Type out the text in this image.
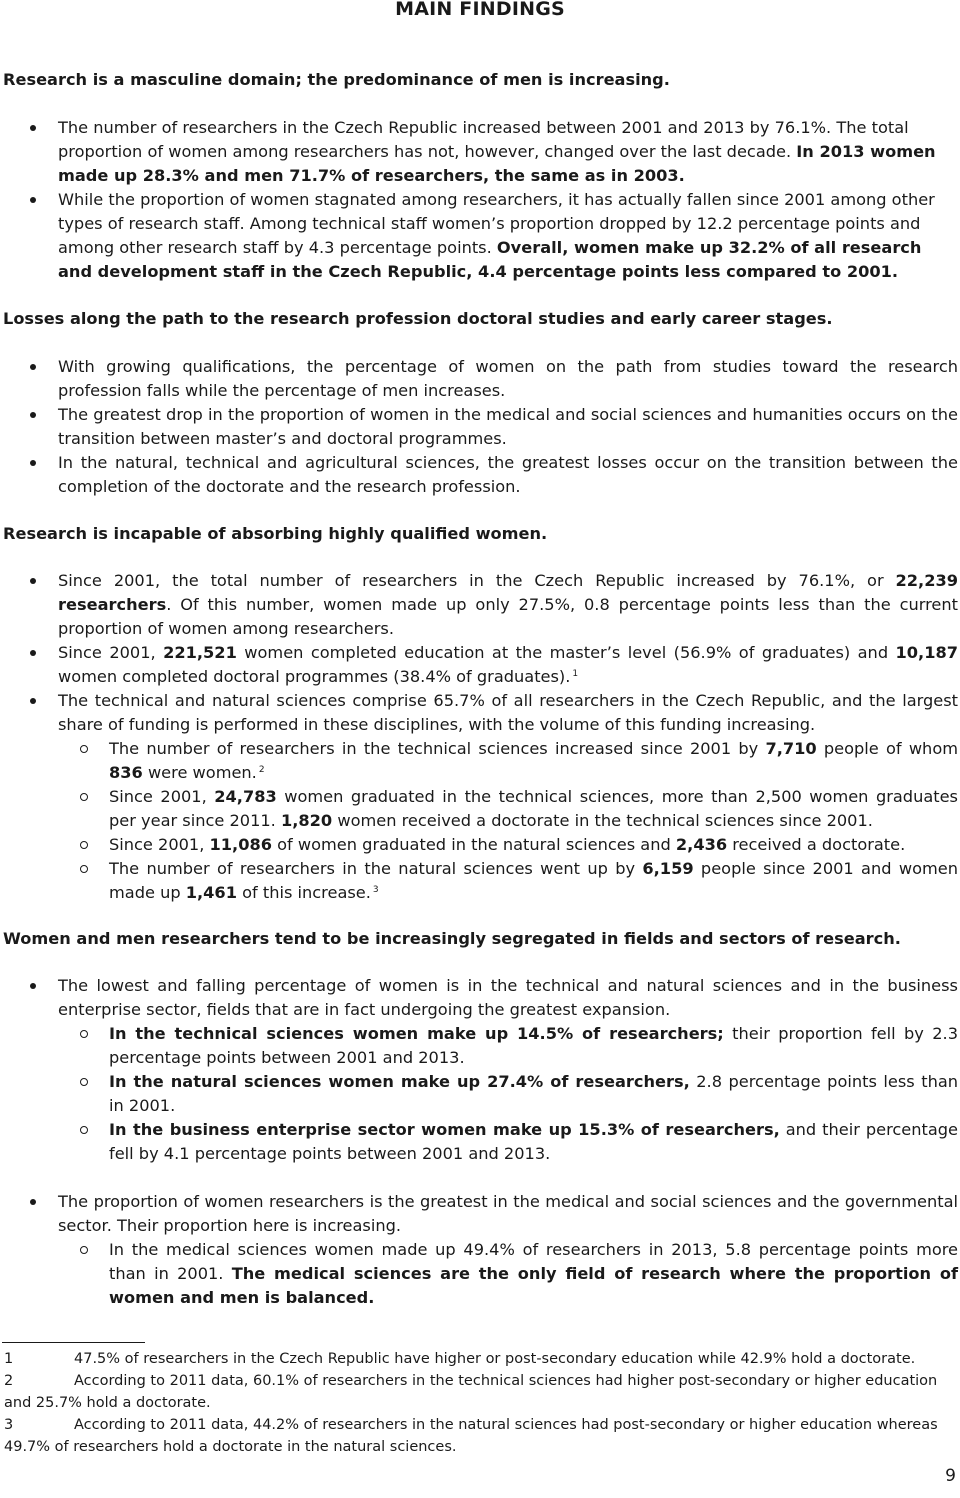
MAIN FINDINGS
Research is a masculine domain; the predominance of men is increasing.
The number of researchers in the Czech Republic increased between 2001 and 2013 by 76.1%. The total proportion of women among researchers has not, however, changed over the last decade. In 2013 women made up 28.3% and men 71.7% of researchers, the same as in 2003.
While the proportion of women stagnated among researchers, it has actually fallen since 2001 among other types of research staff. Among technical staff women’s proportion dropped by 12.2 percentage points and among other research staff by 4.3 percentage points. Overall, women make up 32.2% of all research and development staff in the Czech Republic, 4.4 percentage points less compared to 2001.
Losses along the path to the research profession doctoral studies and early career stages.
With growing qualifications, the percentage of women on the path from studies toward the research profession falls while the percentage of men increases.
The greatest drop in the proportion of women in the medical and social sciences and humanities occurs on the transition between master’s and doctoral programmes.
In the natural, technical and agricultural sciences, the greatest losses occur on the transition between the completion of the doctorate and the research profession.
Research is incapable of absorbing highly qualified women.
Since 2001, the total number of researchers in the Czech Republic increased by 76.1%, or 22,239 researchers. Of this number, women made up only 27.5%, 0.8 percentage points less than the current proportion of women among researchers.
Since 2001, 221,521 women completed education at the master’s level (56.9% of graduates) and 10,187 women completed doctoral programmes (38.4% of graduates). $^1$
The technical and natural sciences comprise 65.7% of all researchers in the Czech Republic, and the largest share of funding is performed in these disciplines, with the volume of this funding increasing.
The number of researchers in the technical sciences increased since 2001 by 7,710 people of whom 836 were women. $^2$
Since 2001, 24,783 women graduated in the technical sciences, more than 2,500 women graduates per year since 2011. 1,820 women received a doctorate in the technical sciences since 2001.
Since 2001, 11,086 of women graduated in the natural sciences and 2,436 received a doctorate.
The number of researchers in the natural sciences went up by 6,159 people since 2001 and women made up 1,461 of this increase. $^3$
Women and men researchers tend to be increasingly segregated in fields and sectors of research.
The lowest and falling percentage of women is in the technical and natural sciences and in the business enterprise sector, fields that are in fact undergoing the greatest expansion.
In the technical sciences women make up 14.5% of researchers; their proportion fell by 2.3 percentage points between 2001 and 2013.
In the natural sciences women make up 27.4% of researchers, 2.8 percentage points less than in 2001.
In the business enterprise sector women make up 15.3% of researchers, and their percentage fell by 4.1 percentage points between 2001 and 2013.
The proportion of women researchers is the greatest in the medical and social sciences and the governmental sector. Their proportion here is increasing.
In the medical sciences women made up 49.4% of researchers in 2013, 5.8 percentage points more than in 2001. The medical sciences are the only field of research where the proportion of women and men is balanced.
1	47.5% of researchers in the Czech Republic have higher or post-secondary education while 42.9% hold a doctorate.
2	According to 2011 data, 60.1% of researchers in the technical sciences had higher post-secondary or higher education and 25.7% hold a doctorate.
3	According to 2011 data, 44.2% of researchers in the natural sciences had post-secondary or higher education whereas 49.7% of researchers hold a doctorate in the natural sciences.
9
